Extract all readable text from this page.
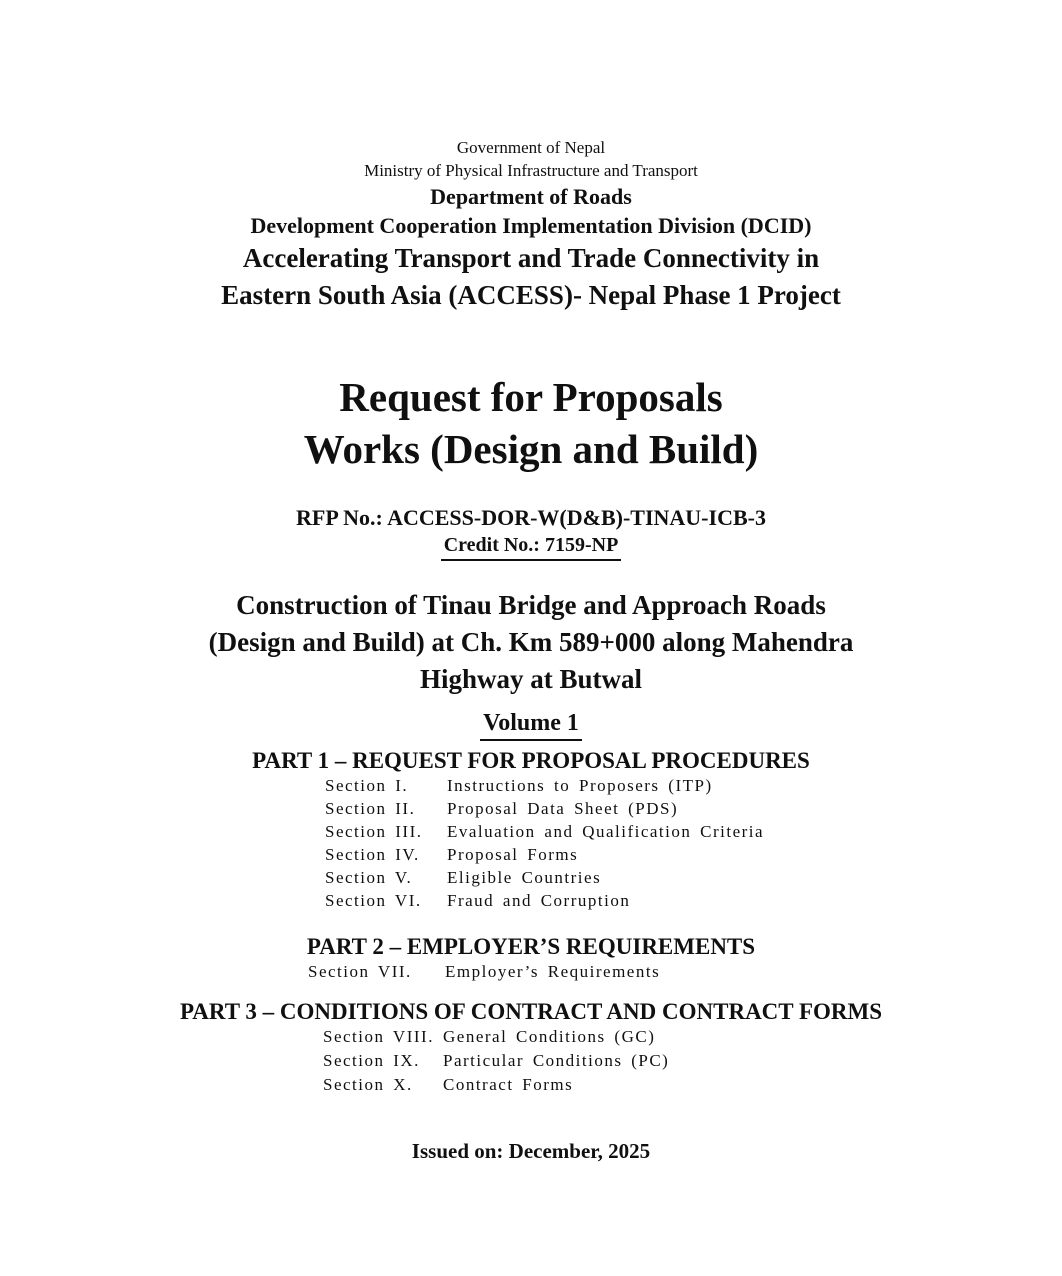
Government of Nepal
Ministry of Physical Infrastructure and Transport
Department of Roads
Development Cooperation Implementation Division (DCID)
Accelerating Transport and Trade Connectivity in
Eastern South Asia (ACCESS)- Nepal Phase 1 Project
Request for Proposals
Works (Design and Build)
RFP No.: ACCESS-DOR-W(D&B)-TINAU-ICB-3
Credit No.: 7159-NP
Construction of Tinau Bridge and Approach Roads
(Design and Build) at Ch. Km 589+000 along Mahendra
Highway at Butwal
Volume 1
PART 1 – REQUEST FOR PROPOSAL PROCEDURES
Section I.	Instructions to Proposers (ITP)
Section II.	Proposal Data Sheet (PDS)
Section III.	Evaluation and Qualification Criteria
Section IV.	Proposal Forms
Section V.	Eligible Countries
Section VI.	Fraud and Corruption
PART 2 – EMPLOYER’S REQUIREMENTS
Section VII.	Employer’s Requirements
PART 3 – CONDITIONS OF CONTRACT AND CONTRACT FORMS
Section VIII. General Conditions (GC)
Section IX.	Particular Conditions (PC)
Section X.	Contract Forms
Issued on: December, 2025
